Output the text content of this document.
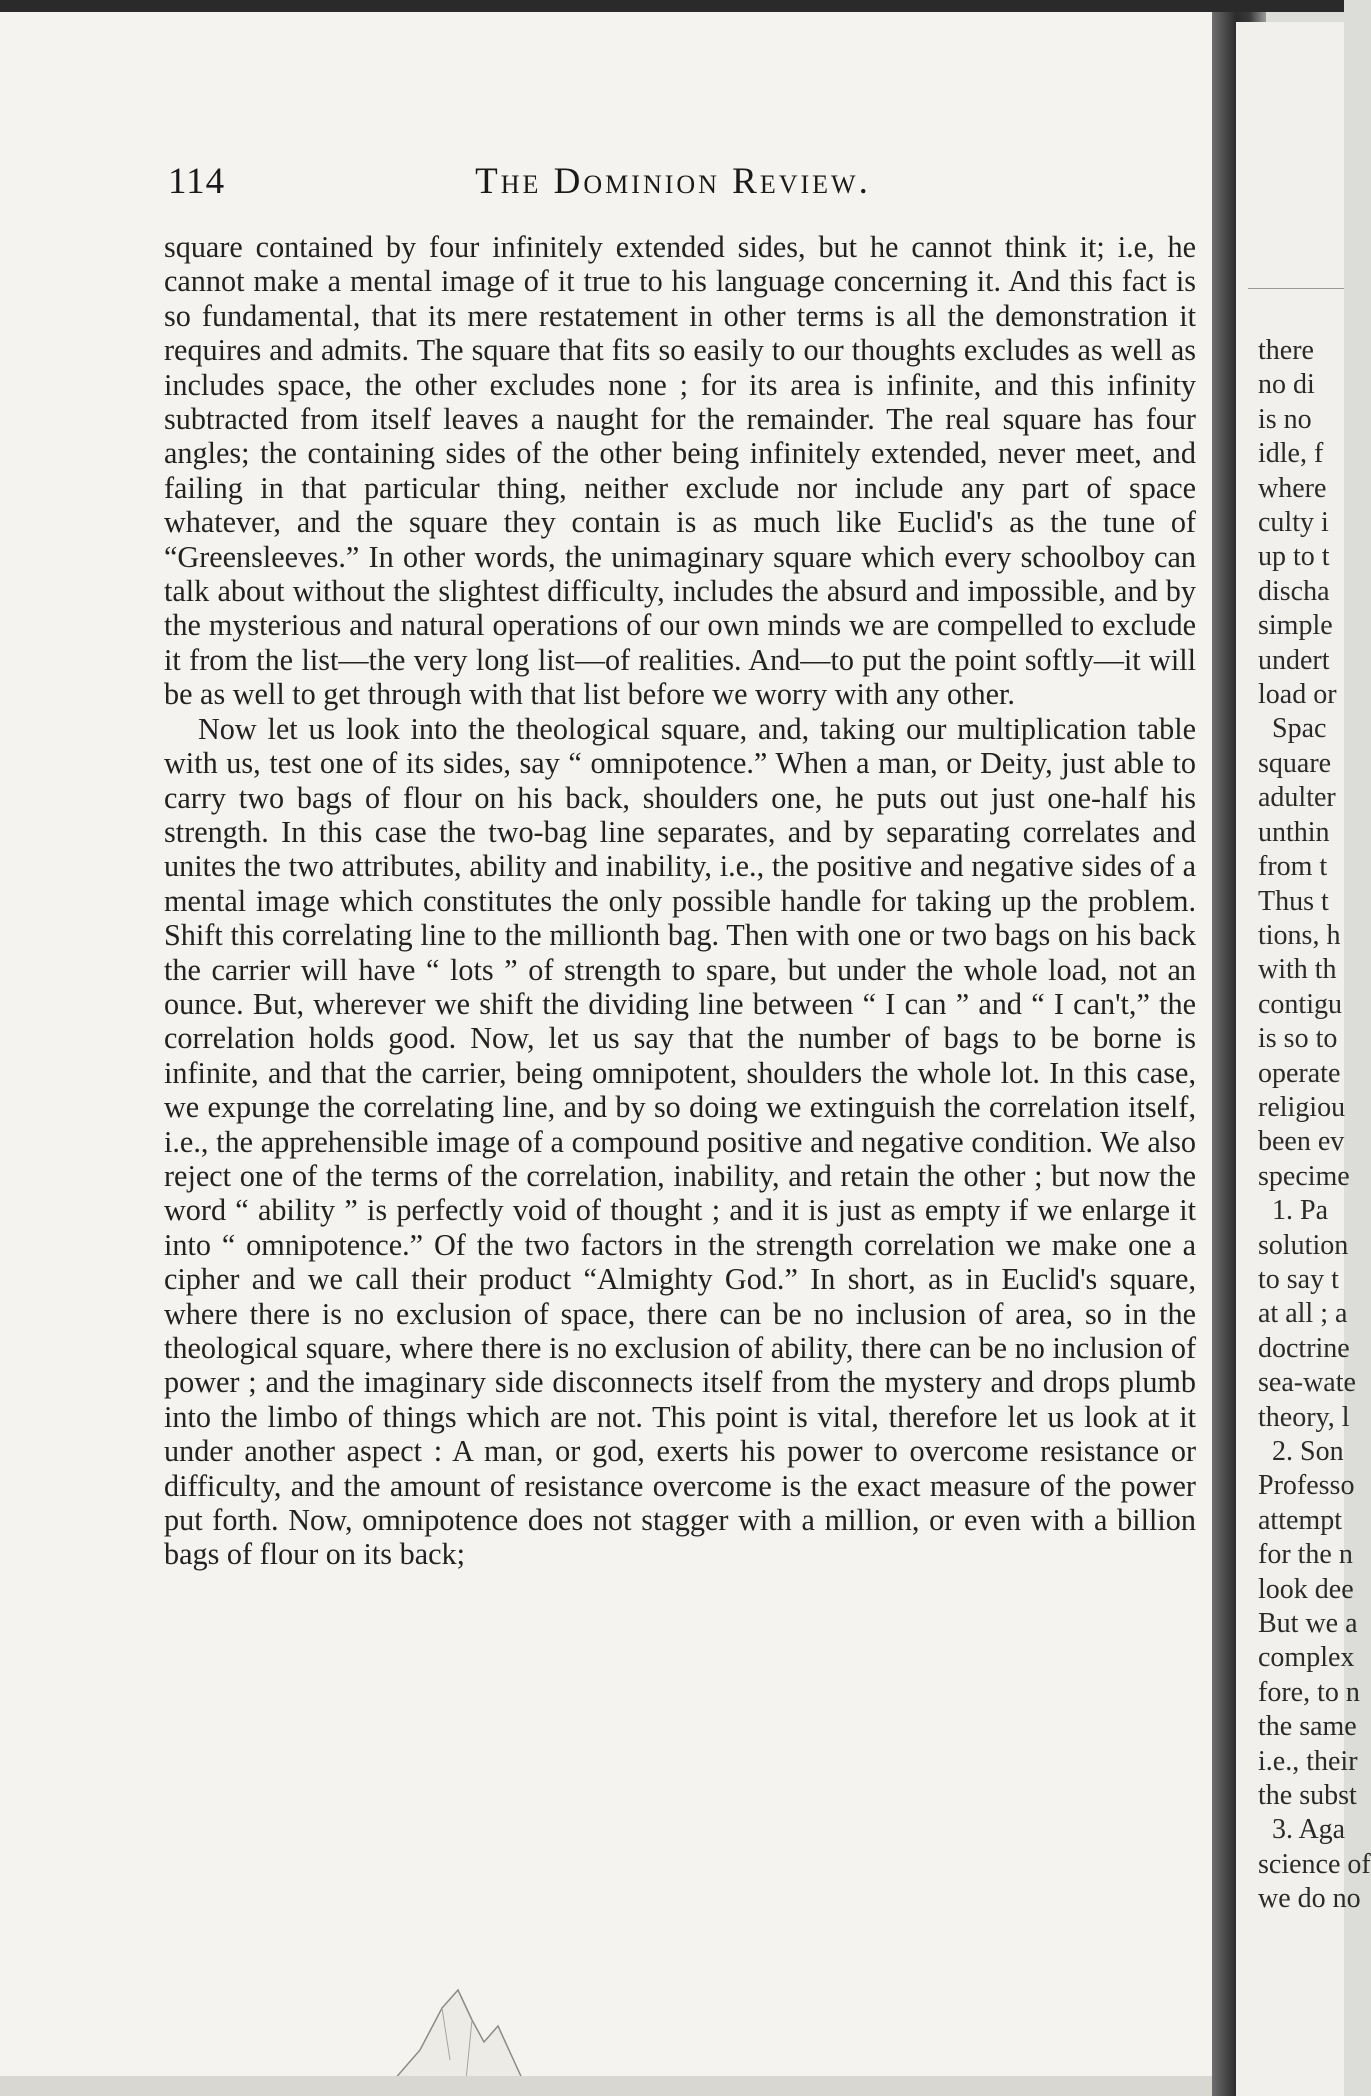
114	The Dominion Review.

square contained by four infinitely extended sides, but he cannot think it; i.e, he cannot make a mental image of it true to his language concerning it. And this fact is so fundamental, that its mere restatement in other terms is all the demonstration it requires and admits. The square that fits so easily to our thoughts excludes as well as includes space, the other excludes none ; for its area is infinite, and this infinity subtracted from itself leaves a naught for the remainder. The real square has four angles; the containing sides of the other being infinitely extended, never meet, and failing in that particular thing, neither exclude nor include any part of space whatever, and the square they contain is as much like Euclid's as the tune of “Greensleeves.” In other words, the unimaginary square which every schoolboy can talk about without the slightest difficulty, includes the absurd and impossible, and by the mysterious and natural operations of our own minds we are compelled to exclude it from the list—the very long list—of realities. And—to put the point softly—it will be as well to get through with that list before we worry with any other.

Now let us look into the theological square, and, taking our multiplication table with us, test one of its sides, say “ omnipotence.” When a man, or Deity, just able to carry two bags of flour on his back, shoulders one, he puts out just one-half his strength. In this case the two-bag line separates, and by separating correlates and unites the two attributes, ability and inability, i.e., the positive and negative sides of a mental image which constitutes the only possible handle for taking up the problem. Shift this correlating line to the millionth bag. Then with one or two bags on his back the carrier will have “ lots ” of strength to spare, but under the whole load, not an ounce. But, wherever we shift the dividing line between “ I can ” and “ I can't,” the correlation holds good. Now, let us say that the number of bags to be borne is infinite, and that the carrier, being omnipotent, shoulders the whole lot. In this case, we expunge the correlating line, and by so doing we extinguish the correlation itself, i.e., the apprehensible image of a compound positive and negative condition. We also reject one of the terms of the correlation, inability, and retain the other ; but now the word “ ability ” is perfectly void of thought ; and it is just as empty if we enlarge it into “ omnipotence.” Of the two factors in the strength correlation we make one a cipher and we call their product “Almighty God.” In short, as in Euclid's square, where there is no exclusion of space, there can be no inclusion of area, so in the theological square, where there is no exclusion of ability, there can be no inclusion of power ; and the imaginary side disconnects itself from the mystery and drops plumb into the limbo of things which are not. This point is vital, therefore let us look at it under another aspect : A man, or god, exerts his power to overcome resistance or difficulty, and the amount of resistance overcome is the exact measure of the power put forth. Now, omnipotence does not stagger with a million, or even with a billion bags of flour on its back;

there
no di
is no
idle, f
where
culty i
up to t
discha
simple
undert
load or
Spac
square
adulter
unthin
from t
Thus t
tions, h
with th
contigu
is so to
operate
religiou
been ev
specime
1. Pa
solution
to say t
at all ; a
doctrine
sea-wate
theory, l
2. Son
Professo
attempt
for the n
look dee
But we a
complex
fore, to n
the same
i.e., their
the subst
3. Aga
science of
we do no
